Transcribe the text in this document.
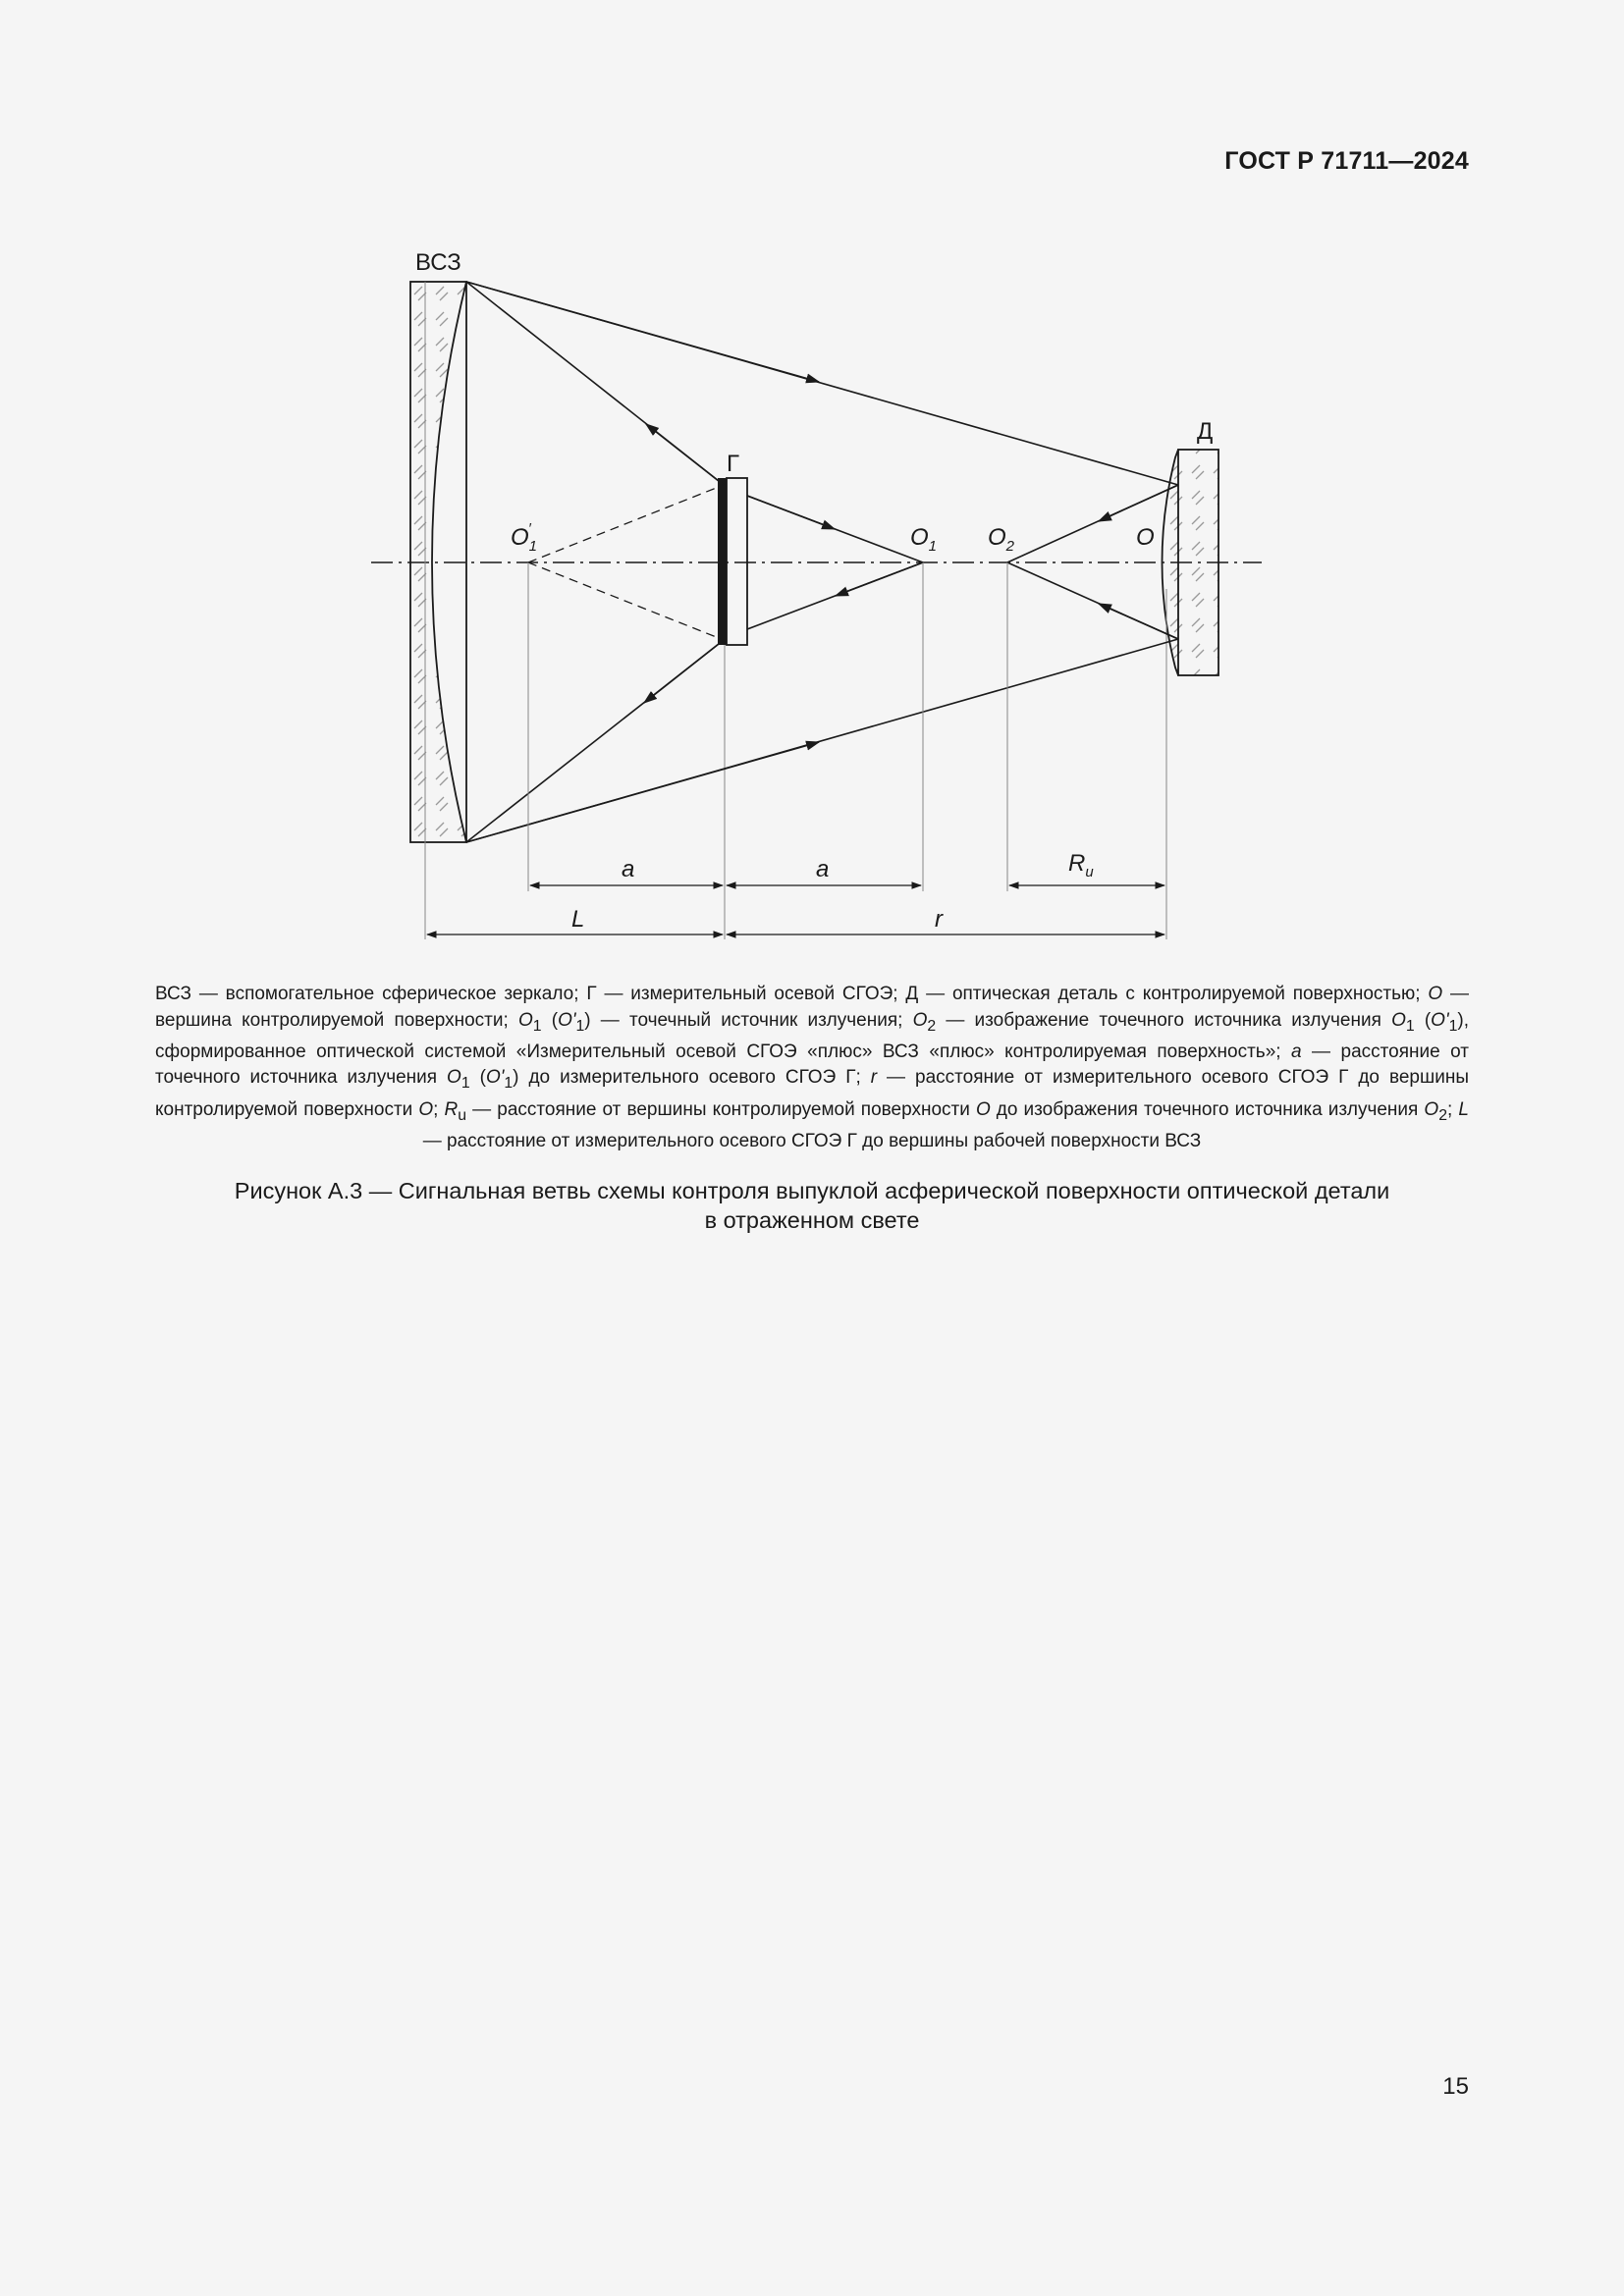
ГОСТ Р 71711—2024
ВСЗ
Г
Д
$O_1'$	$O_1$ $O_2$	O
a	a	$R_u$
L	r
ВСЗ — вспомогательное сферическое зеркало; Г — измерительный осевой СГОЭ; Д — оптическая деталь с контролируемой поверхностью; О — вершина контролируемой поверхности; $О_1$ $(О'_1)$ — точечный источник излучения; $О_2$ — изображение точечного источника излучения $О_1$ $(О'_1)$, сформированное оптической системой «Измерительный осевой СГОЭ «плюс» ВСЗ «плюс» контролируемая поверхность»; а — расстояние от точечного источника излучения $О_1$ $(О'_1)$ до измерительного осевого СГОЭ Г; r — расстояние от измерительного осевого СГОЭ Г до вершины контролируемой поверхности О; $R_u$ — расстояние от вершины контролируемой поверхности О до изображения точечного источника излучения $О_2$; L — расстояние от измерительного осевого СГОЭ Г до вершины рабочей поверхности ВСЗ
Рисунок А.3 — Сигнальная ветвь схемы контроля выпуклой асферической поверхности оптической детали
в отраженном свете
15
